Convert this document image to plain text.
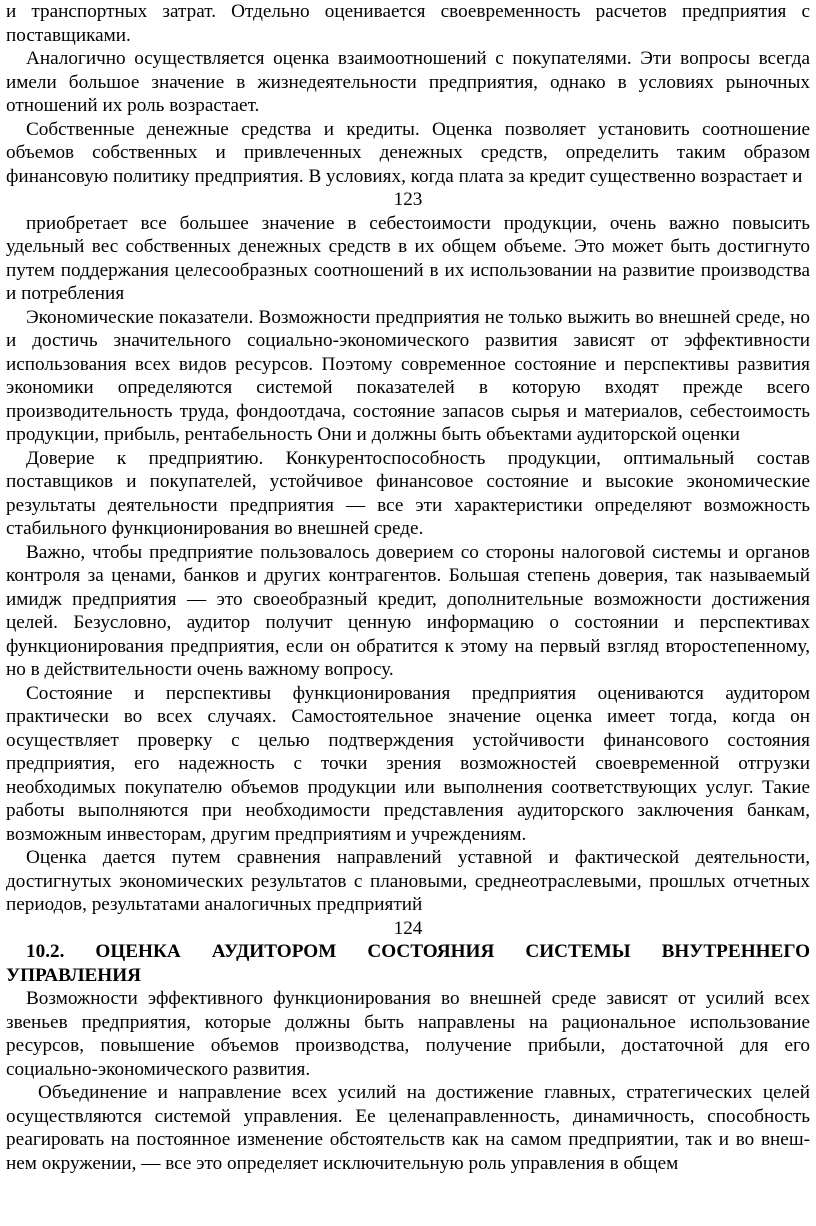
и транспортных затрат. Отдельно оценивается своевременность расчетов предприятия с поставщиками.

Аналогично осуществляется оценка взаимоотношений с покупателями. Эти вопросы всегда имели большое значение в жизнедеятельности предприятия, однако в условиях рыночных отношений их роль возрастает.

Собственные денежные средства и кредиты. Оценка позволяет установить соотношение объемов собственных и привлеченных денежных средств, определить таким образом финансовую политику предприятия. В условиях, когда плата за кредит существенно возрастает и

123

приобретает все большее значение в себестоимости продукции, очень важно повысить удельный вес собственных денежных средств в их общем объеме. Это может быть достигнуто путем поддержания целесообразных соотношений в их использовании на развитие производства и потребления

Экономические показатели. Возможности предприятия не только выжить во внешней среде, но и достичь значительного социально-экономического развития зависят от эффективности использования всех видов ресурсов. Поэтому современное состояние и перспективы развития экономики определяются системой показателей в которую входят прежде всего производительность труда, фондоотдача, состояние запасов сырья и материалов, себестоимость продукции, прибыль, рентабельность Они и должны быть объектами аудиторской оценки

Доверие к предприятию. Конкурентоспособность продукции, оптимальный состав поставщиков и покупателей, устойчивое финансовое состояние и высокие экономические результаты деятельности предприятия — все эти характеристики определяют возможность стабильного функционирования во внешней среде.

Важно, чтобы предприятие пользовалось доверием со стороны налоговой системы и органов контроля за ценами, банков и других контрагентов. Большая степень доверия, так называемый имидж предприятия — это своеобразный кредит, дополнительные возможности достижения целей. Безусловно, аудитор получит ценную информацию о состоянии и перспективах функционирования предприятия, если он обратится к этому на первый взгляд второстепенному, но в действительности очень важному вопросу.

Состояние и перспективы функционирования предприятия оцениваются аудитором практически во всех случаях. Самостоятельное значение оценка имеет тогда, когда он осуществляет проверку с целью подтверждения устойчивости финансового состояния предприятия, его надежность с точки зрения возможностей своевременной отгрузки необходимых покупателю объемов продукции или выполнения соответствующих услуг. Такие работы выполняются при необходимости представления аудиторского заключения банкам, возможным инвесторам, другим предприятиям и учреждениям.

Оценка дается путем сравнения направлений уставной и фактической деятельности, достигнутых экономических результатов с плановыми, среднеотраслевыми, прошлых отчетных периодов, результатами аналогичных предприятий

124

10.2. ОЦЕНКА АУДИТОРОМ СОСТОЯНИЯ СИСТЕМЫ ВНУТРЕННЕГО УПРАВЛЕНИЯ

Возможности эффективного функционирования во внешней среде зависят от усилий всех звеньев предприятия, которые должны быть направлены на рациональное использование ресурсов, повышение объемов производства, получение прибыли, достаточной для его социально-экономического развития.

Объединение и направление всех усилий на достижение главных, стратегических целей осуществляются системой управления. Ее целенаправленность, динамичность, способность реагировать на постоянное изменение обстоятельств как на самом предприятии, так и во внешнем окружении, — все это определяет исключительную роль управления в общем
